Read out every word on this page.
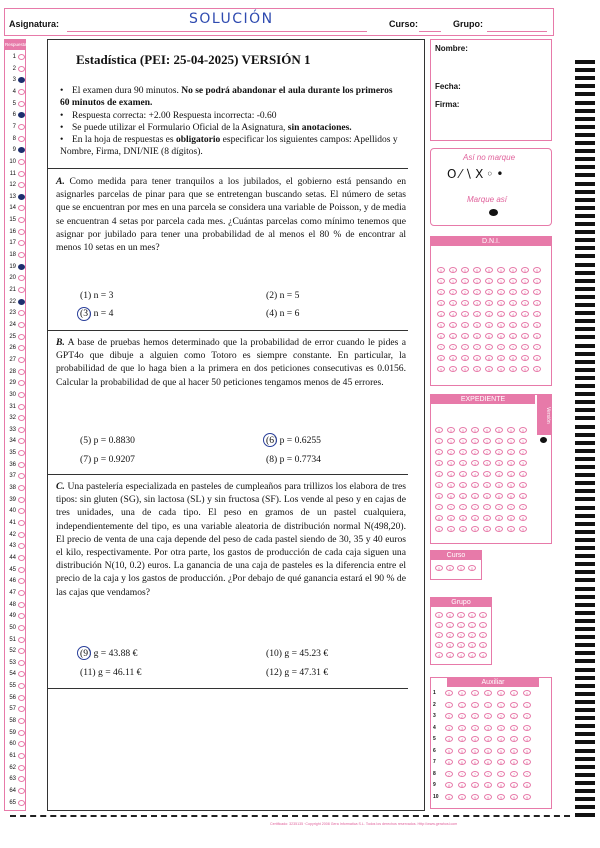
Asignatura:	SOLUCIÓN	Curso:	Grupo:
Respuestas
1
2
3
4
5
6
7
8
9
10
11
12
13
14
15
16
17
18
19
20
21
22
23
24
25
26
27
28
29
30
31
32
33
34
35
36
37
38
39
40
41
42
43
44
45
46
47
48
49
50
51
52
53
54
55
56
57
58
59
60
61
62
63
64
65
Estadística (PEI: 25-04-2025) VERSIÓN 1
• El examen dura 90 minutos. No se podrá abandonar el aula durante los primeros 60 minutos de examen.
• Respuesta correcta: +2.00 Respuesta incorrecta: -0.60
• Se puede utilizar el Formulario Oficial de la Asignatura, sin anotaciones.
• En la hoja de respuestas es obligatorio especificar los siguientes campos: Apellidos y Nombre, Firma, DNI/NIE (8 dígitos).
A. Como medida para tener tranquilos a los jubilados, el gobierno está pensando en asignarles parcelas de pinar para que se entretengan buscando setas. El número de setas que se encuentran por mes en una parcela se considera una variable de Poisson, y de media se encuentran 4 setas por parcela cada mes. ¿Cuántas parcelas como mínimo tenemos que asignar por jubilado para tener una probabilidad de al menos el 80 % de encontrar al menos 10 setas en un mes?
(1) n = 3	(2) n = 5
(3) n = 4	(4) n = 6
B. A base de pruebas hemos determinado que la probabilidad de error cuando le pides a GPT4o que dibuje a alguien como Totoro es siempre constante. En particular, la probabilidad de que lo haga bien a la primera en dos peticiones consecutivas es 0.0156. Calcular la probabilidad de que al hacer 50 peticiones tengamos menos de 45 errores.
(5) p = 0.8830	(6) p = 0.6255
(7) p = 0.9207	(8) p = 0.7734
C. Una pastelería especializada en pasteles de cumpleaños para trillizos los elabora de tres tipos: sin gluten (SG), sin lactosa (SL) y sin fructosa (SF). Los vende al peso y en cajas de tres unidades, una de cada tipo. El peso en gramos de un pastel cualquiera, independientemente del tipo, es una variable aleatoria de distribución normal N(498,20). El precio de venta de una caja depende del peso de cada pastel siendo de 30, 35 y 40 euros el kilo, respectivamente. Por otra parte, los gastos de producción de cada caja siguen una distribución N(10, 0.2) euros. La ganancia de una caja de pasteles es la diferencia entre el precio de la caja y los gastos de producción. ¿Por debajo de qué ganancia estará el 90 % de las cajas que vendamos?
(9) g = 43.88 €	(10) g = 45.23 €
(11) g = 46.11 €	(12) g = 47.31 €
Nombre:
Fecha:
Firma:
Así no marque
O⁄∖X◦•
Marque así
D.N.I.
0
1
2
3
4
5
6
7
8
9
0
1
2
3
4
5
6
7
8
9
0
1
2
3
4
5
6
7
8
9
0
1
2
3
4
5
6
7
8
9
0
1
2
3
4
5
6
7
8
9
0
1
2
3
4
5
6
7
8
9
0
1
2
3
4
5
6
7
8
9
0
1
2
3
4
5
6
7
8
9
0
1
2
3
4
5
6
7
8
9
EXPEDIENTE
Versión
0
1
2
3
4
5
6
7
8
9
0
1
2
3
4
5
6
7
8
9
0
1
2
3
4
5
6
7
8
9
0
1
2
3
4
5
6
7
8
9
0
1
2
3
4
5
6
7
8
9
0
1
2
3
4
5
6
7
8
9
0
1
2
3
4
5
6
7
8
9
0
1
2
3
4
5
6
7
8
9
Curso
0	0	0	0
Grupo
0
1
2
3
4
0
1
2
3
4
0
1
2
3
4
0
1
2
3
4
0
1
2
3
4
Auxiliar
0
1
2
3
4
5
6
7
8
9
0
1
2
3
4
5
6
7
8
9
0
1
2
3
4
5
6
7
8
9
0
1
2
3
4
5
6
7
8
9
0
1
2
3
4
5
6
7
8
9
0
1
2
3
4
5
6
7
8
9
0
1
2
3
4
5
6
7
8
9
1
2
3
4
5
6
7
8
9
10
Certificado: 3235135 ·Copyright 2008 Gera Informatica S.L. Todos los derechos reservados. Http://www.gerahosl.com
